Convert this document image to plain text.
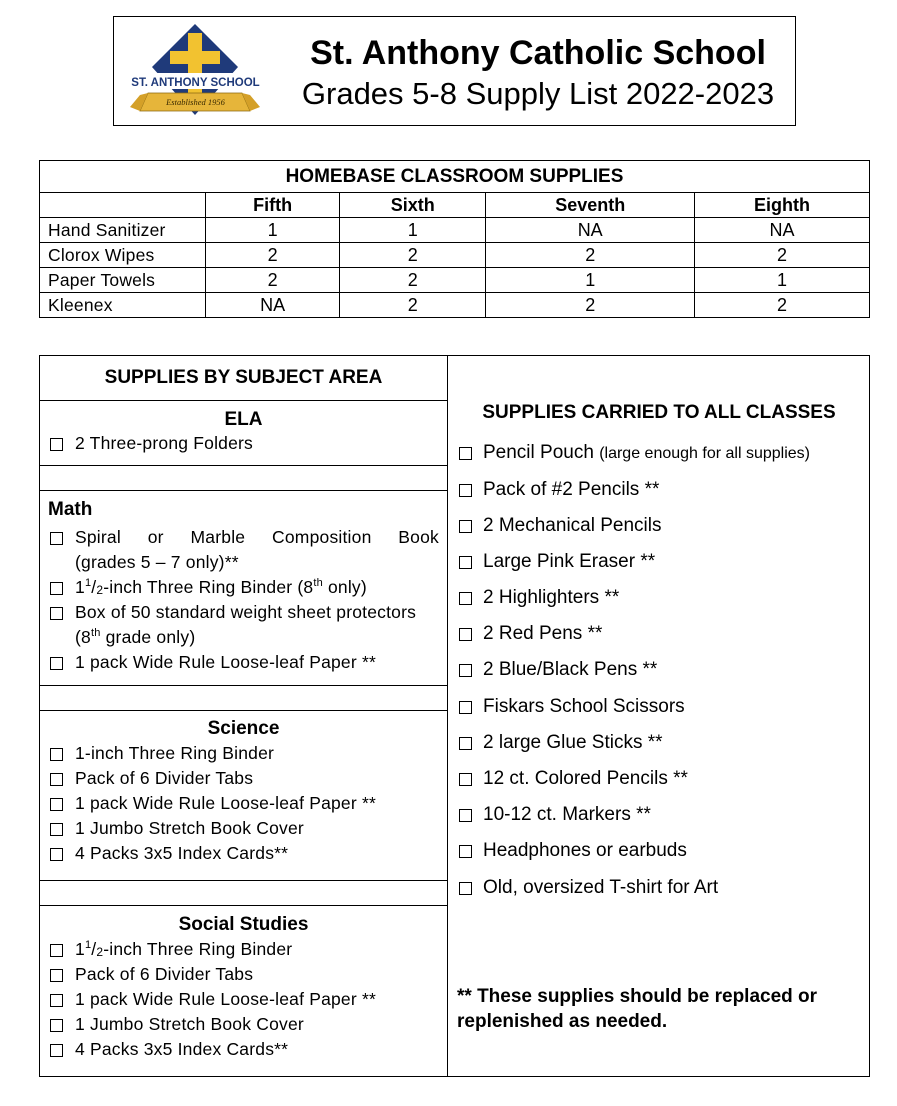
ST. ANTHONY SCHOOL
Established 1956
St. Anthony Catholic School
Grades 5-8 Supply List 2022-2023
HOMEBASE CLASSROOM SUPPLIES				
	Fifth	Sixth	Seventh	Eighth
Hand Sanitizer	1	1	NA	NA
Clorox Wipes	2	2	2	2
Paper Towels	2	2	1	1
Kleenex	NA	2	2	2
SUPPLIES BY SUBJECT AREA
ELA
2 Three-prong Folders
Math
Spiral or Marble Composition Book
(grades 5 – 7 only)**
$1^1/_2$-inch Three Ring Binder (8th only)
Box of 50 standard weight sheet protectors
(8th grade only)
1 pack Wide Rule Loose-leaf Paper **
Science
1-inch Three Ring Binder
Pack of 6 Divider Tabs
1 pack Wide Rule Loose-leaf Paper **
1 Jumbo Stretch Book Cover
4 Packs 3x5 Index Cards**
Social Studies
$1^1/_2$-inch Three Ring Binder
Pack of 6 Divider Tabs
1 pack Wide Rule Loose-leaf Paper **
1 Jumbo Stretch Book Cover
4 Packs 3x5 Index Cards**
SUPPLIES CARRIED TO ALL CLASSES
Pencil Pouch (large enough for all supplies)
Pack of #2 Pencils **
2 Mechanical Pencils
Large Pink Eraser **
2 Highlighters **
2 Red Pens **
2 Blue/Black Pens **
Fiskars School Scissors
2 large Glue Sticks **
12 ct. Colored Pencils **
10-12 ct. Markers **
Headphones or earbuds
Old, oversized T-shirt for Art
** These supplies should be replaced or replenished as needed.
